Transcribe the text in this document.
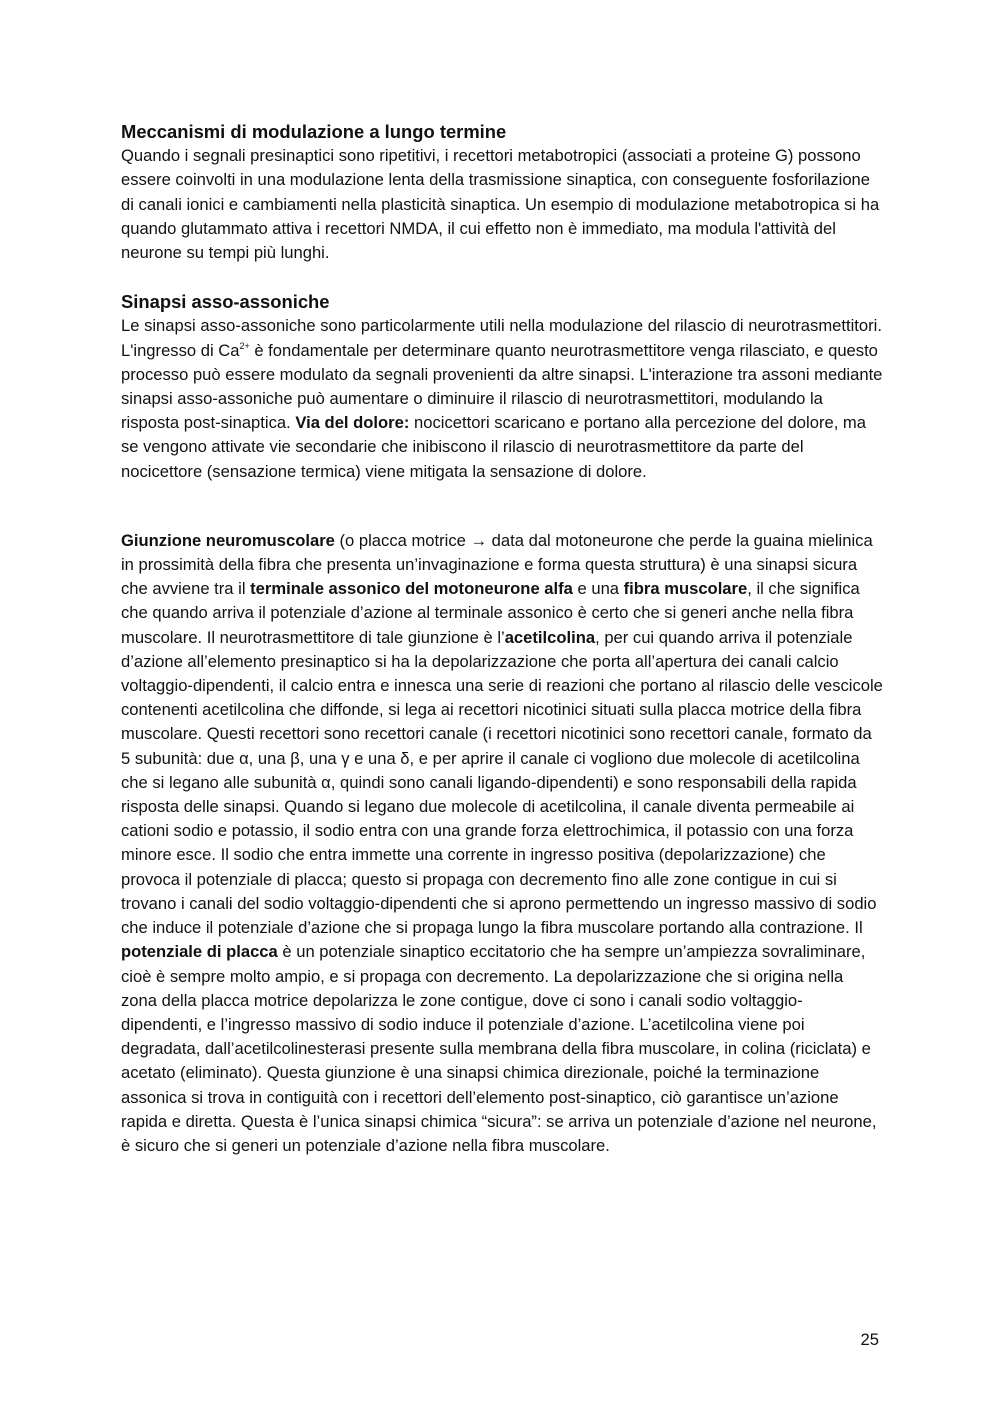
Meccanismi di modulazione a lungo termine

Quando i segnali presinaptici sono ripetitivi, i recettori metabotropici (associati a proteine G) possono essere coinvolti in una modulazione lenta della trasmissione sinaptica, con conseguente fosforilazione di canali ionici e cambiamenti nella plasticità sinaptica. Un esempio di modulazione metabotropica si ha quando glutammato attiva i recettori NMDA, il cui effetto non è immediato, ma modula l'attività del neurone su tempi più lunghi.

Sinapsi asso-assoniche

Le sinapsi asso-assoniche sono particolarmente utili nella modulazione del rilascio di neurotrasmettitori. L'ingresso di $Ca^{2+}$ è fondamentale per determinare quanto neurotrasmettitore venga rilasciato, e questo processo può essere modulato da segnali provenienti da altre sinapsi. L'interazione tra assoni mediante sinapsi asso-assoniche può aumentare o diminuire il rilascio di neurotrasmettitori, modulando la risposta post-sinaptica. Via del dolore: nocicettori scaricano e portano alla percezione del dolore, ma se vengono attivate vie secondarie che inibiscono il rilascio di neurotrasmettitore da parte del nocicettore (sensazione termica) viene mitigata la sensazione di dolore.

Giunzione neuromuscolare (o placca motrice → data dal motoneurone che perde la guaina mielinica in prossimità della fibra che presenta un’invaginazione e forma questa struttura) è una sinapsi sicura che avviene tra il terminale assonico del motoneurone alfa e una fibra muscolare, il che significa che quando arriva il potenziale d’azione al terminale assonico è certo che si generi anche nella fibra muscolare. Il neurotrasmettitore di tale giunzione è l’acetilcolina, per cui quando arriva il potenziale d’azione all’elemento presinaptico si ha la depolarizzazione che porta all’apertura dei canali calcio voltaggio-dipendenti, il calcio entra e innesca una serie di reazioni che portano al rilascio delle vescicole contenenti acetilcolina che diffonde, si lega ai recettori nicotinici situati sulla placca motrice della fibra muscolare. Questi recettori sono recettori canale (i recettori nicotinici sono recettori canale, formato da 5 subunità: due α, una β, una γ e una δ, e per aprire il canale ci vogliono due molecole di acetilcolina che si legano alle subunità α, quindi sono canali ligando-dipendenti) e sono responsabili della rapida risposta delle sinapsi. Quando si legano due molecole di acetilcolina, il canale diventa permeabile ai cationi sodio e potassio, il sodio entra con una grande forza elettrochimica, il potassio con una forza minore esce. Il sodio che entra immette una corrente in ingresso positiva (depolarizzazione) che provoca il potenziale di placca; questo si propaga con decremento fino alle zone contigue in cui si trovano i canali del sodio voltaggio-dipendenti che si aprono permettendo un ingresso massivo di sodio che induce il potenziale d’azione che si propaga lungo la fibra muscolare portando alla contrazione. Il potenziale di placca è un potenziale sinaptico eccitatorio che ha sempre un’ampiezza sovraliminare, cioè è sempre molto ampio, e si propaga con decremento. La depolarizzazione che si origina nella zona della placca motrice depolarizza le zone contigue, dove ci sono i canali sodio voltaggio-dipendenti, e l’ingresso massivo di sodio induce il potenziale d’azione. L’acetilcolina viene poi degradata, dall’acetilcolinesterasi presente sulla membrana della fibra muscolare, in colina (riciclata) e acetato (eliminato). Questa giunzione è una sinapsi chimica direzionale, poiché la terminazione assonica si trova in contiguità con i recettori dell’elemento post-sinaptico, ciò garantisce un’azione rapida e diretta. Questa è l’unica sinapsi chimica “sicura”: se arriva un potenziale d’azione nel neurone, è sicuro che si generi un potenziale d’azione nella fibra muscolare.

25
